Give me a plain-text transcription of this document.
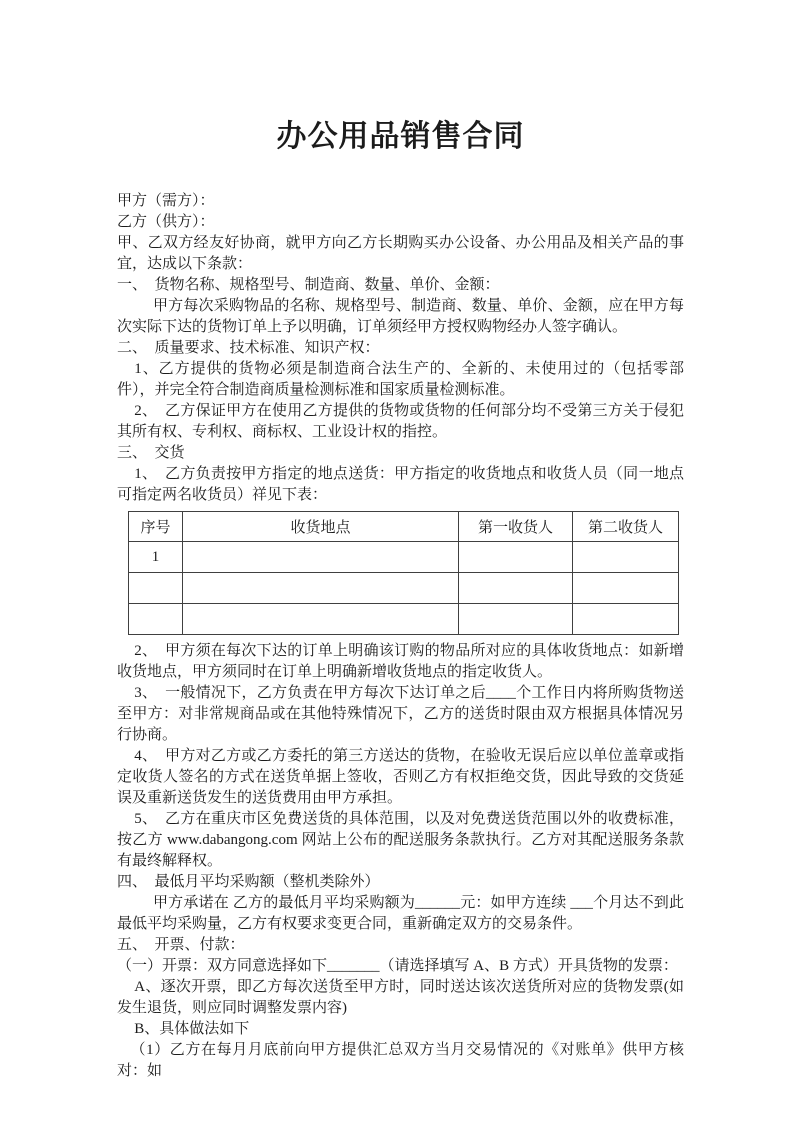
办公用品销售合同

甲方（需方）：

乙方（供方）：

甲、乙双方经友好协商，就甲方向乙方长期购买办公设备、办公用品及相关产品的事宜，达成以下条款：

一、　货物名称、规格型号、制造商、数量、单价、金额：

甲方每次采购物品的名称、规格型号、制造商、数量、单价、金额，应在甲方每次实际下达的货物订单上予以明确，订单须经甲方授权购物经办人签字确认。

二、　质量要求、技术标准、知识产权：

1、乙方提供的货物必须是制造商合法生产的、全新的、未使用过的（包括零部件），并完全符合制造商质量检测标准和国家质量检测标准。

2、　乙方保证甲方在使用乙方提供的货物或货物的任何部分均不受第三方关于侵犯其所有权、专利权、商标权、工业设计权的指控。

三、　交货

1、　乙方负责按甲方指定的地点送货：甲方指定的收货地点和收货人员（同一地点可指定两名收货员）祥见下表：

序号	收货地点	第一收货人	第二收货人
1			

2、　甲方须在每次下达的订单上明确该订购的物品所对应的具体收货地点：如新增收货地点，甲方须同时在订单上明确新增收货地点的指定收货人。

3、　一般情况下，乙方负责在甲方每次下达订单之后____个工作日内将所购货物送至甲方：对非常规商品或在其他特殊情况下，乙方的送货时限由双方根据具体情况另行协商。

4、　甲方对乙方或乙方委托的第三方送达的货物，在验收无误后应以单位盖章或指定收货人签名的方式在送货单据上签收，否则乙方有权拒绝交货，因此导致的交货延误及重新送货发生的送货费用由甲方承担。

5、　乙方在重庆市区免费送货的具体范围，以及对免费送货范围以外的收费标准，按乙方 www.dabangong.com 网站上公布的配送服务条款执行。乙方对其配送服务条款有最终解释权。

四、　最低月平均采购额（整机类除外）

甲方承诺在 乙方的最低月平均采购额为______元：如甲方连续 ___个月达不到此最低平均采购量，乙方有权要求变更合同，重新确定双方的交易条件。

五、　开票、付款：

（一）开票：双方同意选择如下_______（请选择填写 A、B 方式）开具货物的发票：

A、逐次开票，即乙方每次送货至甲方时，同时送达该次送货所对应的货物发票(如发生退货，则应同时调整发票内容)

B、具体做法如下

（1）乙方在每月月底前向甲方提供汇总双方当月交易情况的《对账单》供甲方核对：如
